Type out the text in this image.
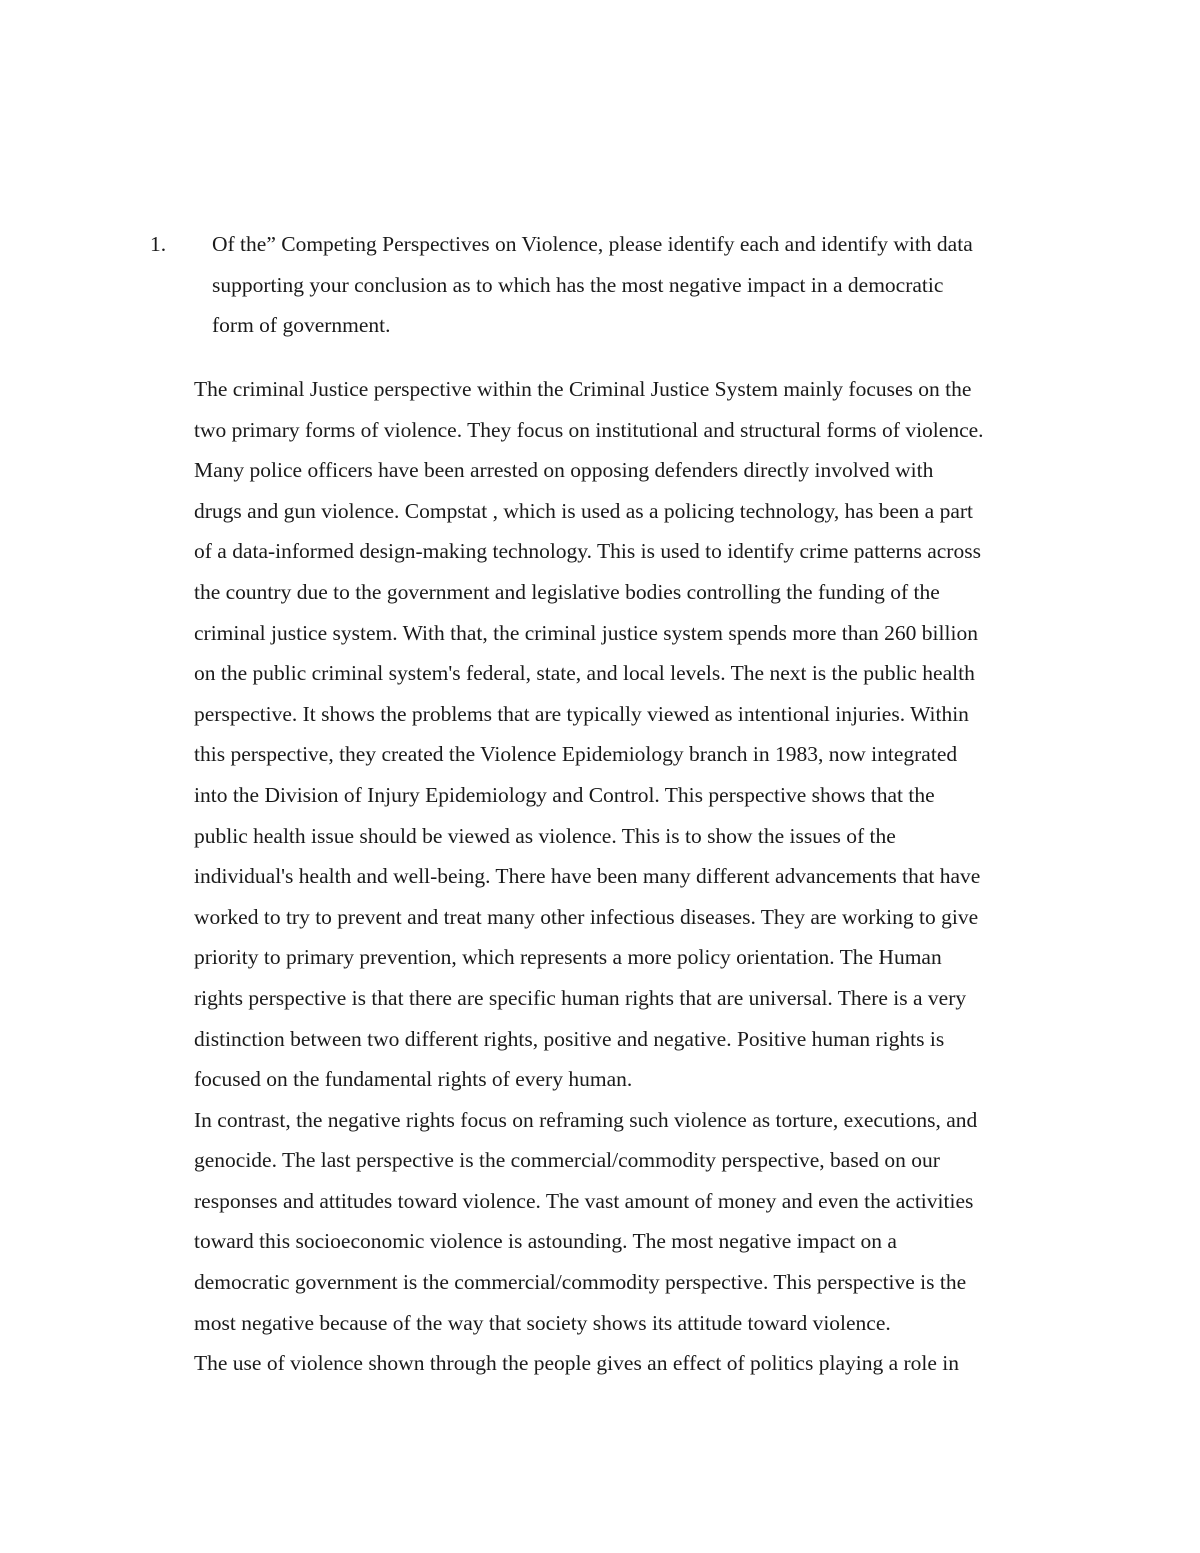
1.	Of the” Competing Perspectives on Violence, please identify each and identify with data
supporting your conclusion as to which has the most negative impact in a democratic
form of government.
The criminal Justice perspective within the Criminal Justice System mainly focuses on the
two primary forms of violence. They focus on institutional and structural forms of violence.
Many police officers have been arrested on opposing defenders directly involved with
drugs and gun violence. Compstat , which is used as a policing technology, has been a part
of a data-informed design-making technology. This is used to identify crime patterns across
the country due to the government and legislative bodies controlling the funding of the
criminal justice system. With that, the criminal justice system spends more than 260 billion
on the public criminal system's federal, state, and local levels. The next is the public health
perspective. It shows the problems that are typically viewed as intentional injuries. Within
this perspective, they created the Violence Epidemiology branch in 1983, now integrated
into the Division of Injury Epidemiology and Control. This perspective shows that the
public health issue should be viewed as violence. This is to show the issues of the
individual's health and well-being. There have been many different advancements that have
worked to try to prevent and treat many other infectious diseases. They are working to give
priority to primary prevention, which represents a more policy orientation. The Human
rights perspective is that there are specific human rights that are universal. There is a very
distinction between two different rights, positive and negative. Positive human rights is
focused on the fundamental rights of every human.
In contrast, the negative rights focus on reframing such violence as torture, executions, and
genocide. The last perspective is the commercial/commodity perspective, based on our
responses and attitudes toward violence. The vast amount of money and even the activities
toward this socioeconomic violence is astounding. The most negative impact on a
democratic government is the commercial/commodity perspective. This perspective is the
most negative because of the way that society shows its attitude toward violence.
The use of violence shown through the people gives an effect of politics playing a role in
